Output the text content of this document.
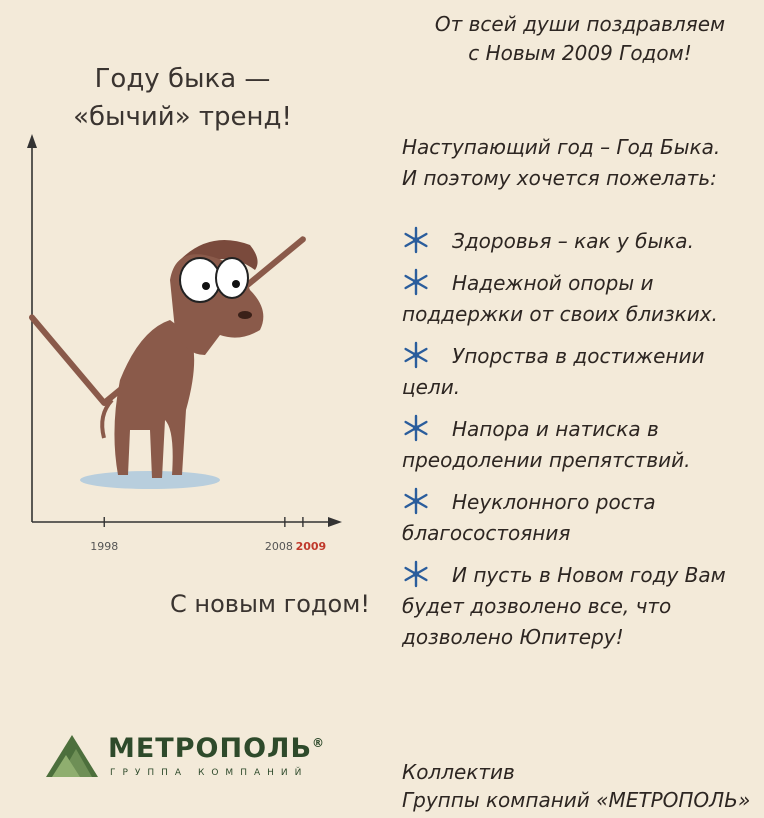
Году быка —
«бычий» тренд!
1998	2008 2009
С новым годом!
От всей души поздравляем
с Новым 2009 Годом!
Наступающий год – Год Быка.
И поэтому хочется пожелать:
Здоровья – как у быка.
Надежной опоры и
поддержки от своих близких.
Упорства в достижении
цели.
Напора и натиска в
преодолении препятствий.
Неуклонного роста
благосостояния
И пусть в Новом году Вам
будет дозволено все, что
дозволено Юпитеру!
МЕТРОПОЛЬ®
ГРУППА КОМПАНИЙ	Коллектив
Группы компаний «МЕТРОПОЛЬ»
